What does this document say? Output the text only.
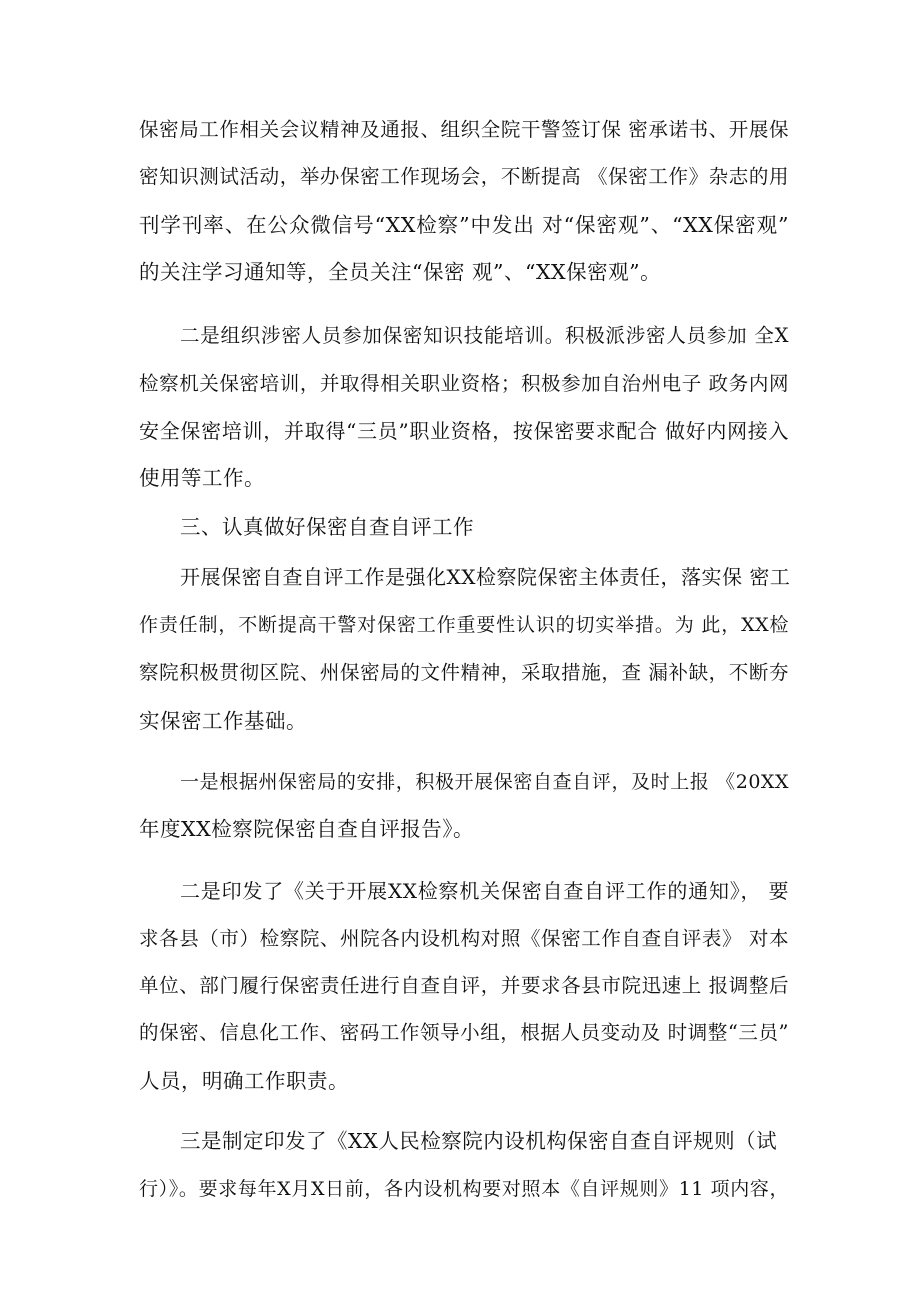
保密局工作相关会议精神及通报、组织全院干警签订保 密承诺书、开展保
密知识测试活动，举办保密工作现场会，不断提高 《保密工作》杂志的用
刊学刊率、在公众微信号“XX检察”中发出 对“保密观”、“XX保密观”
的关注学习通知等，全员关注“保密 观”、“XX保密观”。
二是组织涉密人员参加保密知识技能培训。积极派涉密人员参加 全X
检察机关保密培训，并取得相关职业资格；积极参加自治州电子 政务内网
安全保密培训，并取得“三员”职业资格，按保密要求配合 做好内网接入
使用等工作。
三、认真做好保密自查自评工作
开展保密自查自评工作是强化XX检察院保密主体责任，落实保 密工
作责任制，不断提高干警对保密工作重要性认识的切实举措。为 此，XX检
察院积极贯彻区院、州保密局的文件精神，采取措施，查 漏补缺，不断夯
实保密工作基础。
一是根据州保密局的安排，积极开展保密自查自评，及时上报 《20XX
年度XX检察院保密自查自评报告》。
二是印发了《关于开展XX检察机关保密自查自评工作的通知》， 要
求各县（市）检察院、州院各内设机构对照《保密工作自查自评表》 对本
单位、部门履行保密责任进行自查自评，并要求各县市院迅速上 报调整后
的保密、信息化工作、密码工作领导小组，根据人员变动及 时调整“三员”
人员，明确工作职责。
三是制定印发了《XX人民检察院内设机构保密自查自评规则（试
行）》。要求每年X月X日前，各内设机构要对照本《自评规则》11 项内容，
